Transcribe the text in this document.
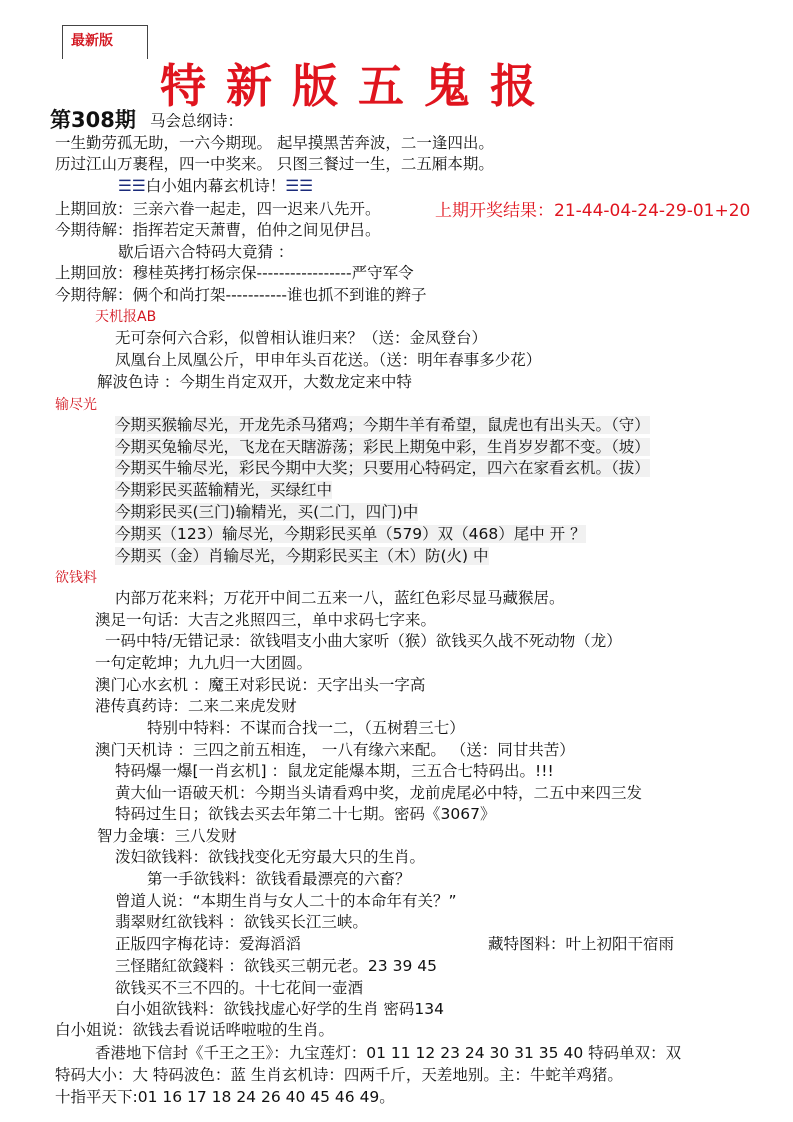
最新版
特新版五鬼报
第308期
上期开奖结果：21-44-04-24-29-01+20
马会总纲诗：
一生勤劳孤无助，一六今期现。 起早摸黑苦奔波，二一逢四出。
历过江山万裹程，四一中奖来。 只图三餐过一生，二五厢本期。
☰☰白小姐内幕玄机诗！☰☰
上期回放：三亲六眷一起走，四一迟来八先开。
今期待解：指挥若定天萧曹，伯仲之间见伊吕。
歇后语六合特码大竟猜 ：
上期回放：穆桂英拷打杨宗保-----------------严守军令
今期待解：俩个和尚打架-----------谁也抓不到谁的辫子
天机报AB
无可奈何六合彩，似曾相认谁归来？（送：金凤登台）
凤凰台上凤凰公斤，甲申年头百花送。（送：明年春事多少花）
解波色诗 ：今期生肖定双开，大数龙定来中特
输尽光
今期买猴输尽光，开龙先杀马猪鸡；今期牛羊有希望，鼠虎也有出头天。（守）
今期买兔输尽光，飞龙在天瞎游荡；彩民上期兔中彩，生肖岁岁都不变。（坡）
今期买牛输尽光，彩民今期中大奖；只要用心特码定，四六在家看玄机。（拔）
今期彩民买蓝输精光，买绿红中
今期彩民买(三门)输精光，买(二门，四门)中
今期买（123）输尽光，今期彩民买单（579）双（468）尾中 开 ？
今期买（金）肖输尽光，今期彩民买主（木）防(火) 中
欲钱料
内部万花来料；万花开中间二五来一八，蓝红色彩尽显马藏猴居。
澳足一句话：大吉之兆照四三，单中求码七字来。
一码中特/无错记录：欲钱唱支小曲大家听（猴）欲钱买久战不死动物（龙）
一句定乾坤；九九归一大团圆。
澳门心水玄机 ：魔王对彩民说：天字出头一字高
港传真药诗：二来二来虎发财
特别中特料：不谋而合找一二，（五树碧三七）
澳门天机诗 ：三四之前五相连， 一八有缘六来配。 （送：同甘共苦）
特码爆一爆[一肖玄机] ：鼠龙定能爆本期，三五合七特码出。!!!
黄大仙一语破天机：今期当头请看鸡中奖，龙前虎尾必中特，二五中来四三发
特码过生日；欲钱去买去年第二十七期。密码《3067》
智力金壤：三八发财
泼妇欲钱料：欲钱找变化无穷最大只的生肖。
第一手欲钱料：欲钱看最漂亮的六畜？
曾道人说：“本期生肖与女人二十的本命年有关？”
翡翠财红欲钱料 ：欲钱买长江三峡。
正版四字梅花诗：爱海滔滔	藏特图料：叶上初阳干宿雨
三怪賭紅欲錢料 ：欲钱买三朝元老。23 39 45
欲钱买不三不四的。十七花间一壶酒
白小姐欲钱料：欲钱找虚心好学的生肖 密码134
白小姐说：欲钱去看说话哗啦啦的生肖。
香港地下信封《千王之王》：九宝莲灯：01 11 12 23 24 30 31 35 40 特码单双：双
特码大小：大 特码波色：蓝 生肖玄机诗：四两千斤，天差地别。主：牛蛇羊鸡猪。
十指平天下:01 16 17 18 24 26 40 45 46 49。
